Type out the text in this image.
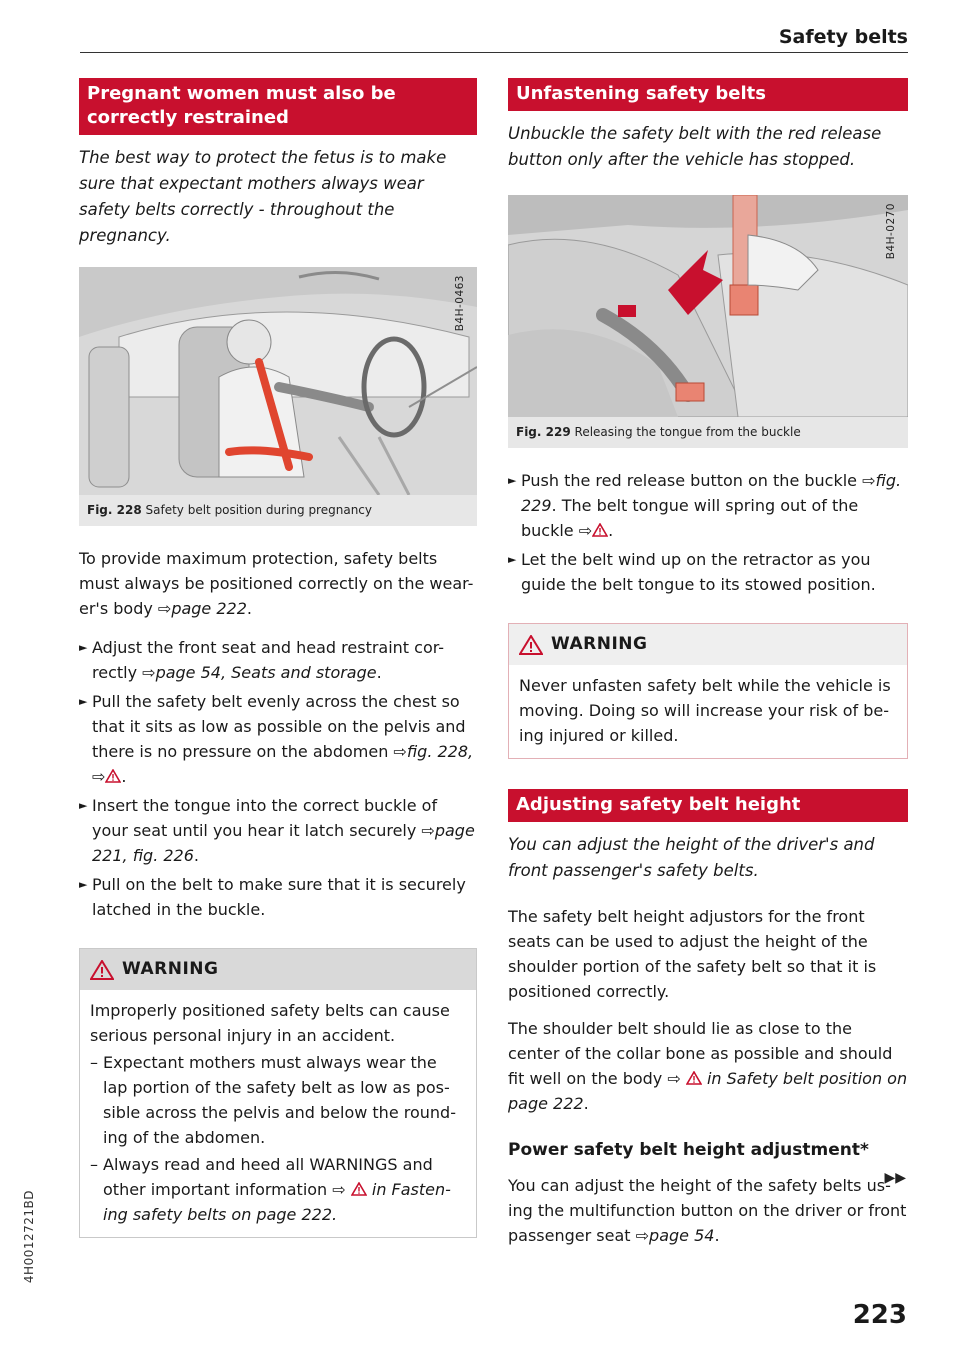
Safety belts
Pregnant women must also be correctly restrained

The best way to protect the fetus is to make sure that expectant mothers always wear safety belts correctly - throughout the pregnancy.

B4H-0463
Fig. 228 Safety belt position during pregnancy

To provide maximum protection, safety belts must always be positioned correctly on the wear-er's body ⇨page 222.

► Adjust the front seat and head restraint cor-rectly ⇨page 54, Seats and storage.
► Pull the safety belt evenly across the chest so that it sits as low as possible on the pelvis and there is no pressure on the abdomen ⇨fig. 228, ⇨ .
► Insert the tongue into the correct buckle of your seat until you hear it latch securely ⇨page 221, fig. 226.
► Pull on the belt to make sure that it is securely latched in the buckle.
WARNING

Improperly positioned safety belts can cause serious personal injury in an accident.

– Expectant mothers must always wear the lap portion of the safety belt as low as pos-sible across the pelvis and below the round-ing of the abdomen.
– Always read and heed all WARNINGS and other important information ⇨ in Fasten-ing safety belts on page 222.
Unfastening safety belts

Unbuckle the safety belt with the red release button only after the vehicle has stopped.

B4H-0270
Fig. 229 Releasing the tongue from the buckle
► Push the red release button on the buckle ⇨fig. 229. The belt tongue will spring out of the buckle ⇨ .
► Let the belt wind up on the retractor as you guide the belt tongue to its stowed position.
WARNING

Never unfasten safety belt while the vehicle is moving. Doing so will increase your risk of be-ing injured or killed.

Adjusting safety belt height

You can adjust the height of the driver's and front passenger's safety belts.

The safety belt height adjustors for the front seats can be used to adjust the height of the shoulder portion of the safety belt so that it is positioned correctly.

The shoulder belt should lie as close to the center of the collar bone as possible and should fit well on the body ⇨ in Safety belt position on page 222.

Power safety belt height adjustment*

You can adjust the height of the safety belts us-ing the multifunction button on the driver or front passenger seat ⇨page 54.

▶▶
4H0012721BD
223
